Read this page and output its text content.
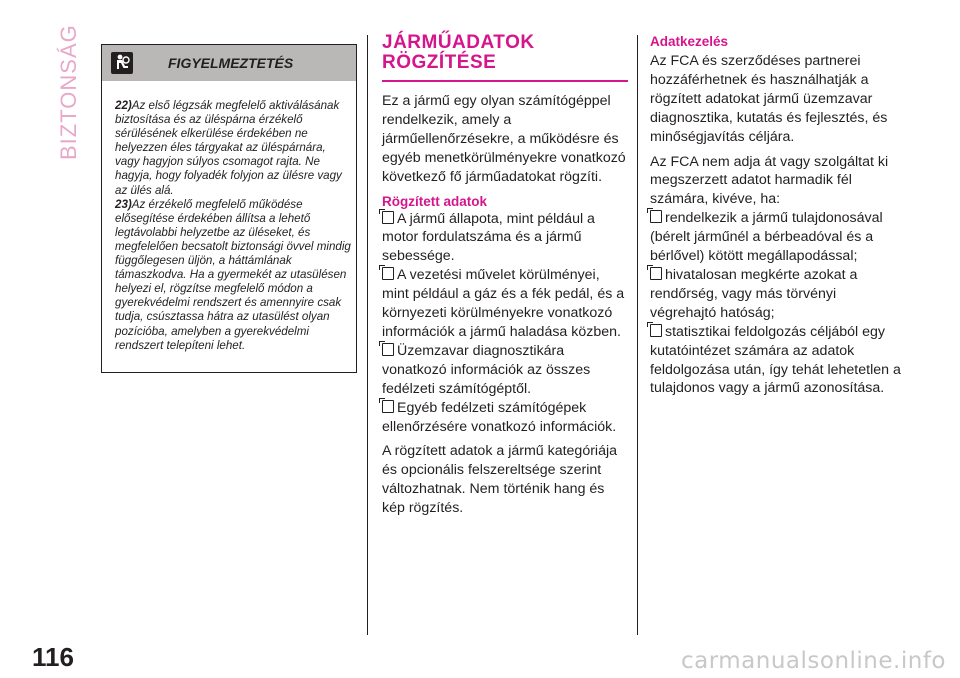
BIZTONSÁG
116
FIGYELMEZTETÉS

22)Az első légzsák megfelelő aktiválásának biztosítása és az üléspárna érzékelő sérülésének elkerülése érdekében ne helyezzen éles tárgyakat az üléspárnára, vagy hagyjon súlyos csomagot rajta. Ne hagyja, hogy folyadék folyjon az ülésre vagy az ülés alá.

23)Az érzékelő megfelelő működése elősegítése érdekében állítsa a lehető legtávolabbi helyzetbe az üléseket, és megfelelően becsatolt biztonsági övvel mindig függőlegesen üljön, a háttámlának támaszkodva. Ha a gyermekét az utasülésen helyezi el, rögzítse megfelelő módon a gyerekvédelmi rendszert és amennyire csak tudja, csúsztassa hátra az utasülést olyan pozícióba, amelyben a gyerekvédelmi rendszert telepíteni lehet.

JÁRMŰADATOK
RÖGZÍTÉSE

Ez a jármű egy olyan számítógéppel rendelkezik, amely a járműellenőrzésekre, a működésre és egyéb menetkörülményekre vonatkozó következő fő járműadatokat rögzíti.

Rögzített adatok

A jármű állapota, mint például a motor fordulatszáma és a jármű sebessége.

A vezetési művelet körülményei, mint például a gáz és a fék pedál, és a környezeti körülményekre vonatkozó információk a jármű haladása közben.

Üzemzavar diagnosztikára vonatkozó információk az összes fedélzeti számítógéptől.

Egyéb fedélzeti számítógépek ellenőrzésére vonatkozó információk.

A rögzített adatok a jármű kategóriája és opcionális felszereltsége szerint változhatnak. Nem történik hang és kép rögzítés.

Adatkezelés

Az FCA és szerződéses partnerei hozzáférhetnek és használhatják a rögzített adatokat jármű üzemzavar diagnosztika, kutatás és fejlesztés, és minőségjavítás céljára.

Az FCA nem adja át vagy szolgáltat ki megszerzett adatot harmadik fél számára, kivéve, ha:

rendelkezik a jármű tulajdonosával (bérelt járműnél a bérbeadóval és a bérlővel) kötött megállapodással;

hivatalosan megkérte azokat a rendőrség, vagy más törvényi végrehajtó hatóság;

statisztikai feldolgozás céljából egy kutatóintézet számára az adatok feldolgozása után, így tehát lehetetlen a tulajdonos vagy a jármű azonosítása.

carmanualsonline.info
